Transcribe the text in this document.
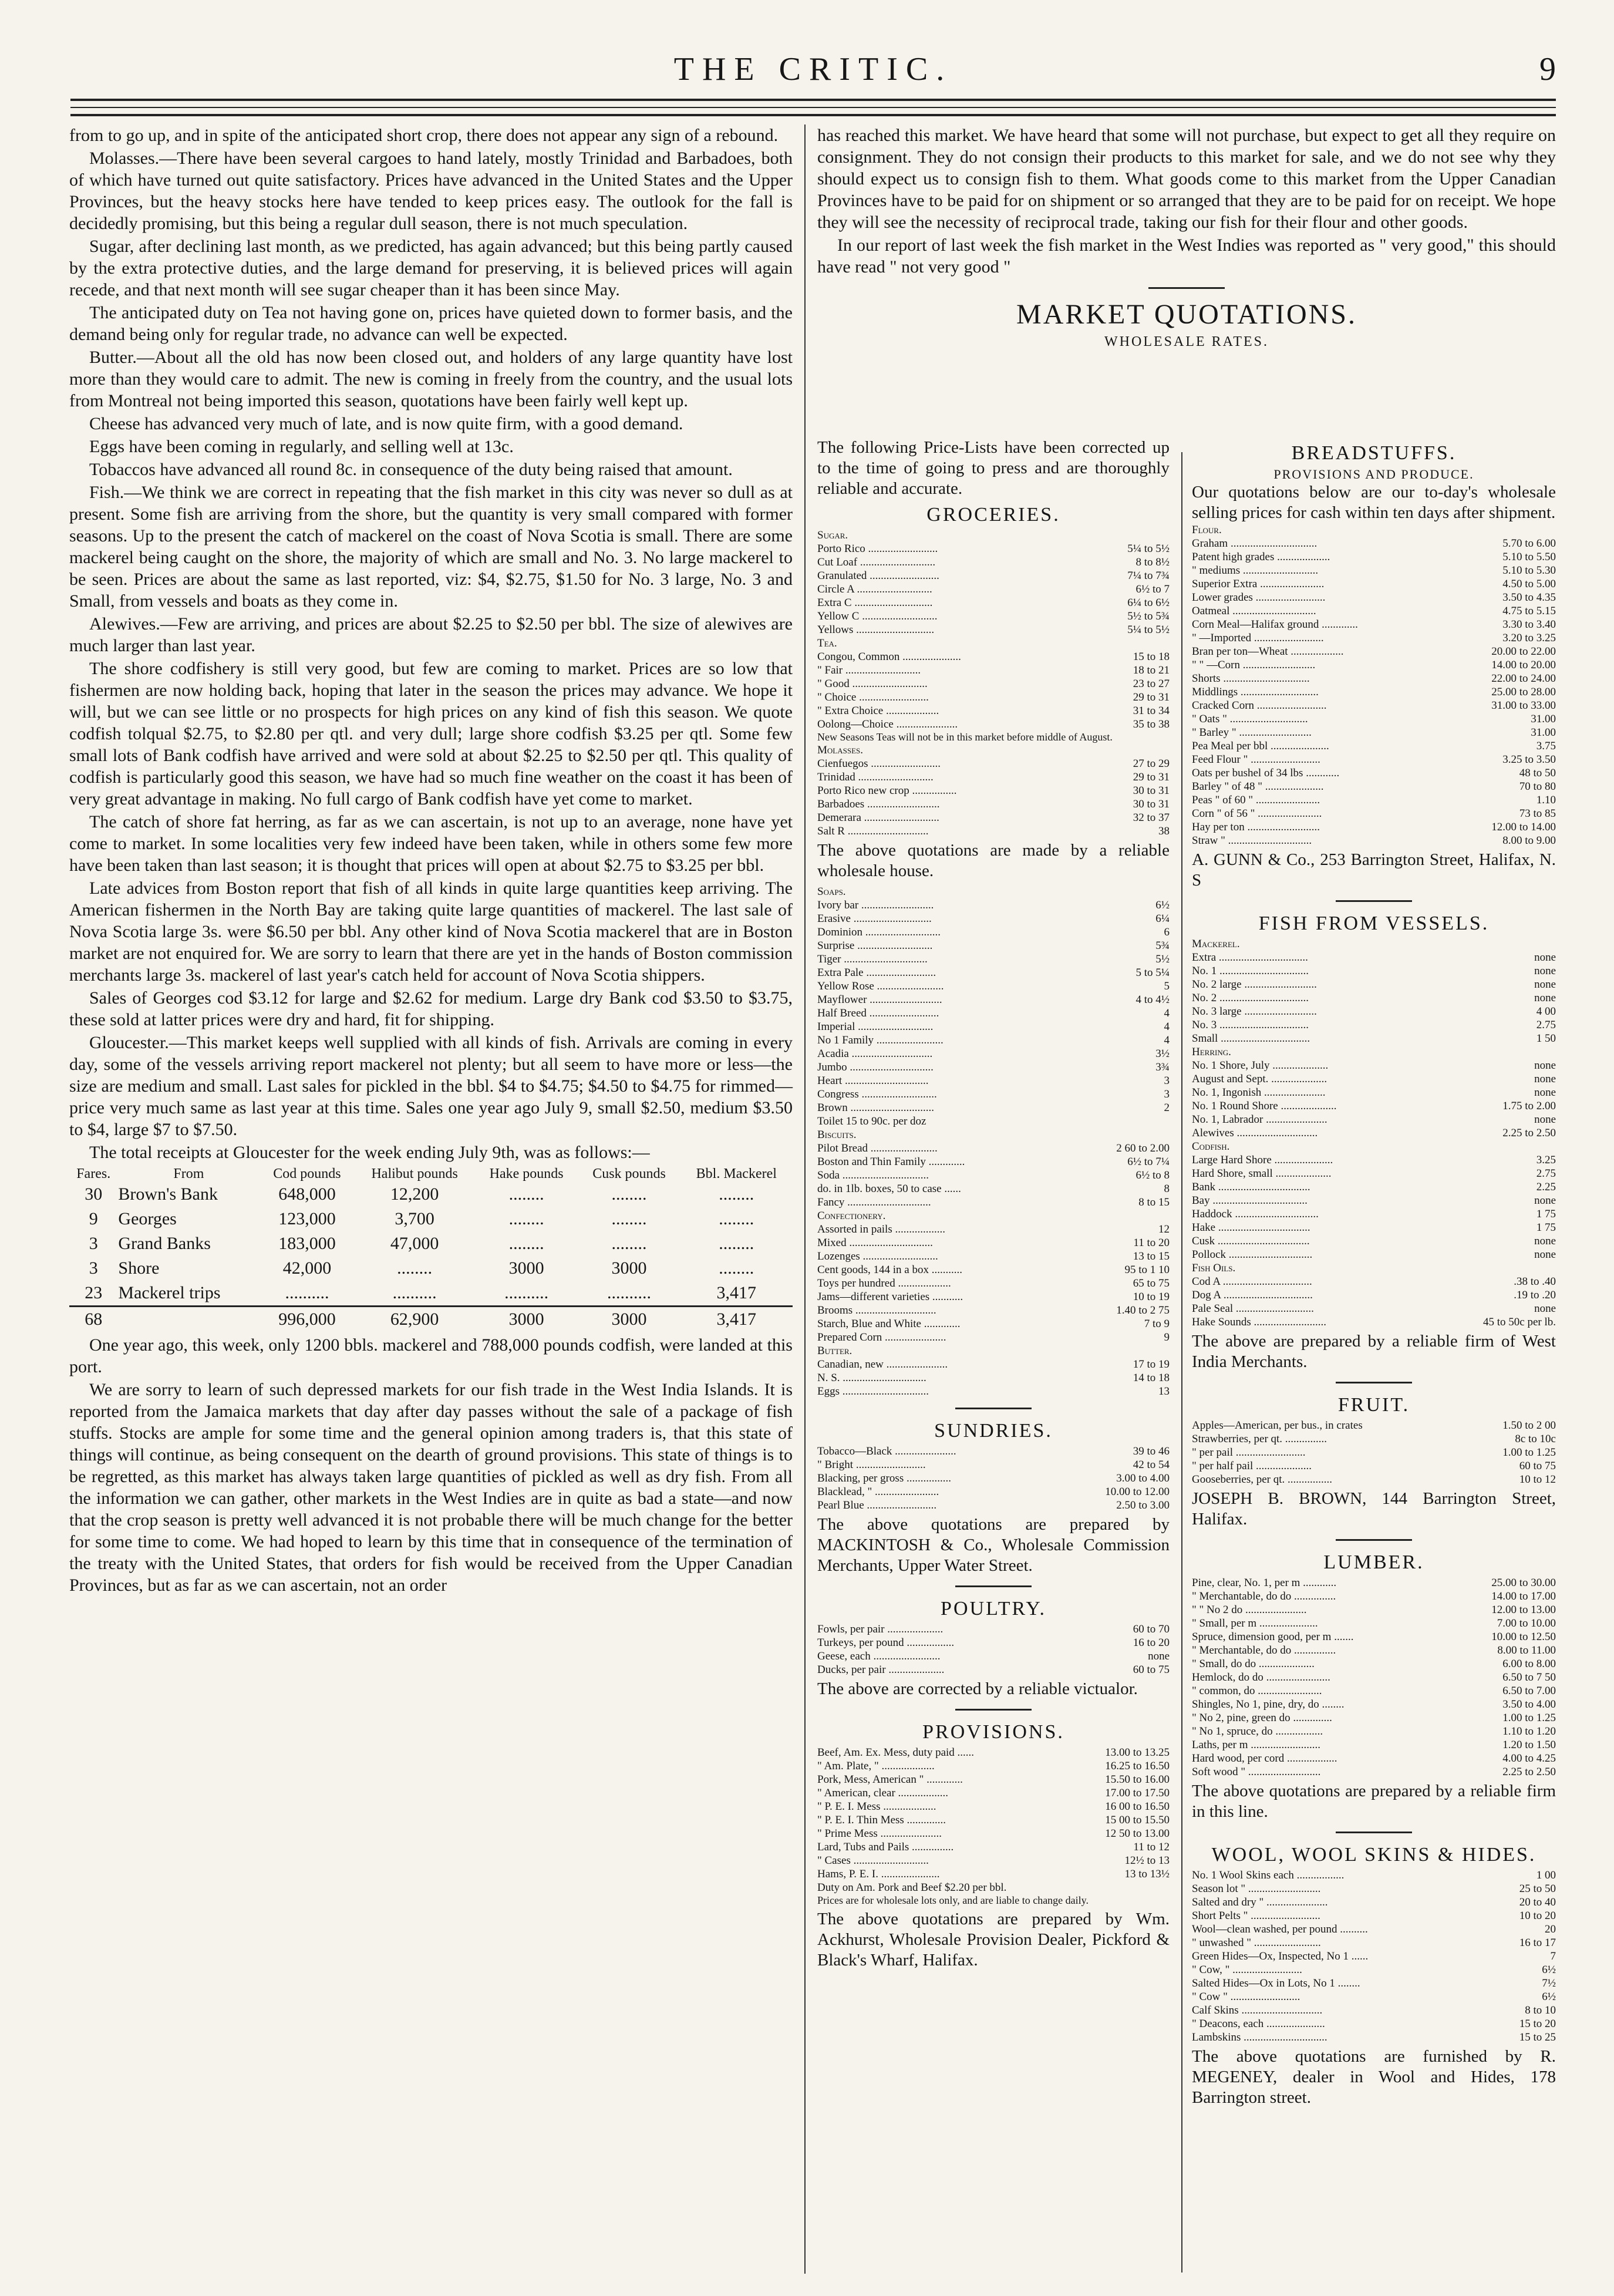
THE CRITIC.	9

from to go up, and in spite of the anticipated short crop, there does not appear any sign of a rebound.

Molasses.—There have been several cargoes to hand lately, mostly Trinidad and Barbadoes, both of which have turned out quite satisfactory. Prices have advanced in the United States and the Upper Provinces, but the heavy stocks here have tended to keep prices easy. The outlook for the fall is decidedly promising, but this being a regular dull season, there is not much speculation.

Sugar, after declining last month, as we predicted, has again advanced; but this being partly caused by the extra protective duties, and the large demand for preserving, it is believed prices will again recede, and that next month will see sugar cheaper than it has been since May.

The anticipated duty on Tea not having gone on, prices have quieted down to former basis, and the demand being only for regular trade, no advance can well be expected.

Butter.—About all the old has now been closed out, and holders of any large quantity have lost more than they would care to admit. The new is coming in freely from the country, and the usual lots from Montreal not being imported this season, quotations have been fairly well kept up.

Cheese has advanced very much of late, and is now quite firm, with a good demand.

Eggs have been coming in regularly, and selling well at 13c.

Tobaccos have advanced all round 8c. in consequence of the duty being raised that amount.

Fish.—We think we are correct in repeating that the fish market in this city was never so dull as at present. Some fish are arriving from the shore, but the quantity is very small compared with former seasons. Up to the present the catch of mackerel on the coast of Nova Scotia is small. There are some mackerel being caught on the shore, the majority of which are small and No. 3. No large mackerel to be seen. Prices are about the same as last reported, viz: $4, $2.75, $1.50 for No. 3 large, No. 3 and Small, from vessels and boats as they come in.

Alewives.—Few are arriving, and prices are about $2.25 to $2.50 per bbl. The size of alewives are much larger than last year.

The shore codfishery is still very good, but few are coming to market. Prices are so low that fishermen are now holding back, hoping that later in the season the prices may advance. We hope it will, but we can see little or no prospects for high prices on any kind of fish this season. We quote codfish tolqual $2.75, to $2.80 per qtl. and very dull; large shore codfish $3.25 per qtl. Some few small lots of Bank codfish have arrived and were sold at about $2.25 to $2.50 per qtl. This quality of codfish is particularly good this season, we have had so much fine weather on the coast it has been of very great advantage in making. No full cargo of Bank codfish have yet come to market.

The catch of shore fat herring, as far as we can ascertain, is not up to an average, none have yet come to market. In some localities very few indeed have been taken, while in others some few more have been taken than last season; it is thought that prices will open at about $2.75 to $3.25 per bbl.

Late advices from Boston report that fish of all kinds in quite large quantities keep arriving. The American fishermen in the North Bay are taking quite large quantities of mackerel. The last sale of Nova Scotia large 3s. were $6.50 per bbl. Any other kind of Nova Scotia mackerel that are in Boston market are not enquired for. We are sorry to learn that there are yet in the hands of Boston commission merchants large 3s. mackerel of last year's catch held for account of Nova Scotia shippers.

Sales of Georges cod $3.12 for large and $2.62 for medium. Large dry Bank cod $3.50 to $3.75, these sold at latter prices were dry and hard, fit for shipping.

Gloucester.—This market keeps well supplied with all kinds of fish. Arrivals are coming in every day, some of the vessels arriving report mackerel not plenty; but all seem to have more or less—the size are medium and small. Last sales for pickled in the bbl. $4 to $4.75; $4.50 to $4.75 for rimmed—price very much same as last year at this time. Sales one year ago July 9, small $2.50, medium $3.50 to $4, large $7 to $7.50.

The total receipts at Gloucester for the week ending July 9th, was as follows:—

Fares.	From	Cod pounds	Halibut pounds	Hake pounds	Cusk pounds	Bbl. Mackerel
30	Brown's Bank	648,000	12,200	........	........	........
9	Georges	123,000	3,700	........	........	........
3	Grand Banks	183,000	47,000	........	........	........
3	Shore	42,000	........	3000	3000	........
23	Mackerel trips	..........	..........	..........	..........	3,417
68		996,000	62,900	3000	3000	3,417

One year ago, this week, only 1200 bbls. mackerel and 788,000 pounds codfish, were landed at this port.

We are sorry to learn of such depressed markets for our fish trade in the West India Islands. It is reported from the Jamaica markets that day after day passes without the sale of a package of fish stuffs. Stocks are ample for some time and the general opinion among traders is, that this state of things will continue, as being consequent on the dearth of ground provisions. This state of things is to be regretted, as this market has always taken large quantities of pickled as well as dry fish. From all the information we can gather, other markets in the West Indies are in quite as bad a state—and now that the crop season is pretty well advanced it is not probable there will be much change for the better for some time to come. We had hoped to learn by this time that in consequence of the termination of the treaty with the United States, that orders for fish would be received from the Upper Canadian Provinces, but as far as we can ascertain, not an order

has reached this market. We have heard that some will not purchase, but expect to get all they require on consignment. They do not consign their products to this market for sale, and we do not see why they should expect us to consign fish to them. What goods come to this market from the Upper Canadian Provinces have to be paid for on shipment or so arranged that they are to be paid for on receipt. We hope they will see the necessity of reciprocal trade, taking our fish for their flour and other goods.

In our report of last week the fish market in the West Indies was reported as " very good," this should have read " not very good "

MARKET QUOTATIONS.
WHOLESALE RATES.
The following Price-Lists have been corrected up to the time of going to press and are thoroughly reliable and accurate.
GROCERIES.
Sugar.
Porto Rico .........................	5¼ to 5½
Cut Loaf ...........................	8 to 8½
Granulated .........................	7¼ to 7¾
Circle A ...........................	6½ to 7
Extra C ............................	6¼ to 6½
Yellow C ...........................	5½ to 5¾
Yellows ............................	5¼ to 5½
Tea.
Congou, Common .....................	15 to 18
" Fair ...........................	18 to 21
" Good ...........................	23 to 27
" Choice .........................	29 to 31
" Extra Choice ...................	31 to 34
Oolong—Choice ......................	35 to 38
New Seasons Teas will not be in this market before middle of August.
Molasses.
Cienfuegos .........................	27 to 29
Trinidad ...........................	29 to 31
Porto Rico new crop ................	30 to 31
Barbadoes ..........................	30 to 31
Demerara ...........................	32 to 37
Salt R .............................	38
The above quotations are made by a reliable wholesale house.
Soaps.
Ivory bar ..........................	6½
Erasive ............................	6¼
Dominion ...........................	6
Surprise ...........................	5¾
Tiger ..............................	5½
Extra Pale .........................	5 to 5¼
Yellow Rose ........................	5
Mayflower ..........................	4 to 4½
Half Breed .........................	4
Imperial ...........................	4
No 1 Family ........................	4
Acadia .............................	3½
Jumbo ..............................	3¾
Heart ..............................	3
Congress ...........................	3
Brown ..............................	2
Toilet 15 to 90c. per doz
Biscuits.
Pilot Bread ........................	2 60 to 2.00
Boston and Thin Family .............	6½ to 7¼
Soda ...............................	6½ to 8
do. in 1lb. boxes, 50 to case ......	8
Fancy ..............................	8 to 15
Confectionery.
Assorted in pails ..................	12
Mixed ..............................	11 to 20
Lozenges ...........................	13 to 15
Cent goods, 144 in a box ...........	95 to 1 10
Toys per hundred ...................	65 to 75
Jams—different varieties ...........	10 to 19
Brooms .............................	1.40 to 2 75
Starch, Blue and White .............	7 to 9
Prepared Corn ......................	9
Butter.
Canadian, new ......................	17 to 19
N. S. ..............................	14 to 18
Eggs ...............................	13
SUNDRIES.
Tobacco—Black ......................	39 to 46
" Bright .........................	42 to 54
Blacking, per gross ................	3.00 to 4.00
Blacklead, " .......................	10.00 to 12.00
Pearl Blue .........................	2.50 to 3.00
The above quotations are prepared by MACKINTOSH & Co., Wholesale Commission Merchants, Upper Water Street.
POULTRY.
Fowls, per pair ....................	60 to 70
Turkeys, per pound .................	16 to 20
Geese, each ........................	none
Ducks, per pair ....................	60 to 75
The above are corrected by a reliable victualor.
PROVISIONS.
Beef, Am. Ex. Mess, duty paid ......	13.00 to 13.25
" Am. Plate, " ...................	16.25 to 16.50
Pork, Mess, American " .............	15.50 to 16.00
" American, clear ..................	17.00 to 17.50
" P. E. I. Mess ...................	16 00 to 16.50
" P. E. I. Thin Mess ..............	15 00 to 15.50
" Prime Mess ......................	12 50 to 13.00
Lard, Tubs and Pails ...............	11 to 12
" Cases ...........................	12½ to 13
Hams, P. E. I. .....................	13 to 13½
Duty on Am. Pork and Beef $2.20 per bbl.
Prices are for wholesale lots only, and are liable to change daily.
The above quotations are prepared by Wm. Ackhurst, Wholesale Provision Dealer, Pickford & Black's Wharf, Halifax.
BREADSTUFFS.
PROVISIONS AND PRODUCE.
Our quotations below are our to-day's wholesale selling prices for cash within ten days after shipment.
Flour.
Graham ...............................	5.70 to 6.00
Patent high grades ...................	5.10 to 5.50
" mediums ...........................	5.10 to 5.30
Superior Extra .......................	4.50 to 5.00
Lower grades .........................	3.50 to 4.35
Oatmeal ..............................	4.75 to 5.15
Corn Meal—Halifax ground .............	3.30 to 3.40
" —Imported .........................	3.20 to 3.25
Bran per ton—Wheat ...................	20.00 to 22.00
" " —Corn ..........................	14.00 to 20.00
Shorts ...............................	22.00 to 24.00
Middlings ............................	25.00 to 28.00
Cracked Corn .........................	31.00 to 33.00
" Oats " ............................	31.00
" Barley " ..........................	31.00
Pea Meal per bbl .....................	3.75
Feed Flour " .........................	3.25 to 3.50
Oats per bushel of 34 lbs ............	48 to 50
Barley " of 48 " .....................	70 to 80
Peas " of 60 " .......................	1.10
Corn " of 56 " .......................	73 to 85
Hay per ton ..........................	12.00 to 14.00
Straw " ..............................	8.00 to 9.00
A. GUNN & Co., 253 Barrington Street, Halifax, N. S
FISH FROM VESSELS.
Mackerel.
Extra ................................	none
No. 1 ................................	none
No. 2 large ..........................	none
No. 2 ................................	none
No. 3 large ..........................	4 00
No. 3 ................................	2.75
Small ................................	1 50
Herring.
No. 1 Shore, July ....................	none
August and Sept. ....................	none
No. 1, Ingonish ......................	none
No. 1 Round Shore ....................	1.75 to 2.00
No. 1, Labrador ......................	none
Alewives .............................	2.25 to 2.50
Codfish.
Large Hard Shore .....................	3.25
Hard Shore, small ....................	2.75
Bank .................................	2.25
Bay ..................................	none
Haddock ..............................	1 75
Hake .................................	1 75
Cusk .................................	none
Pollock ..............................	none
Fish Oils.
Cod A ................................	.38 to .40
Dog A ................................	.19 to .20
Pale Seal ............................	none
Hake Sounds ..........................	45 to 50c per lb.
The above are prepared by a reliable firm of West India Merchants.
FRUIT.
Apples—American, per bus., in crates	1.50 to 2 00
Strawberries, per qt. ...............	8c to 10c
" per pail .........................	1.00 to 1.25
" per half pail ....................	60 to 75
Gooseberries, per qt. ................	10 to 12
JOSEPH B. BROWN, 144 Barrington Street, Halifax.
LUMBER.
Pine, clear, No. 1, per m ............	25.00 to 30.00
" Merchantable, do do ...............	14.00 to 17.00
" " No 2 do ......................	12.00 to 13.00
" Small, per m .....................	7.00 to 10.00
Spruce, dimension good, per m .......	10.00 to 12.50
" Merchantable, do do ...............	8.00 to 11.00
" Small, do do ....................	6.00 to 8.00
Hemlock, do do .......................	6.50 to 7 50
" common, do .......................	6.50 to 7.00
Shingles, No 1, pine, dry, do ........	3.50 to 4.00
" No 2, pine, green do ..............	1.00 to 1.25
" No 1, spruce, do .................	1.10 to 1.20
Laths, per m .........................	1.20 to 1.50
Hard wood, per cord ..................	4.00 to 4.25
Soft wood " ..........................	2.25 to 2.50
The above quotations are prepared by a reliable firm in this line.
WOOL, WOOL SKINS & HIDES.
No. 1 Wool Skins each .................	1 00
Season lot " ..........................	25 to 50
Salted and dry " ......................	20 to 40
Short Pelts " .........................	10 to 20
Wool—clean washed, per pound ..........	20
" unwashed " ........................	16 to 17
Green Hides—Ox, Inspected, No 1 ......	7
" Cow, " .........................	6½
Salted Hides—Ox in Lots, No 1 ........	7½
" Cow " .........................	6½
Calf Skins .............................	8 to 10
" Deacons, each .....................	15 to 20
Lambskins ..............................	15 to 25
The above quotations are furnished by R. MEGENEY, dealer in Wool and Hides, 178 Barrington street.
